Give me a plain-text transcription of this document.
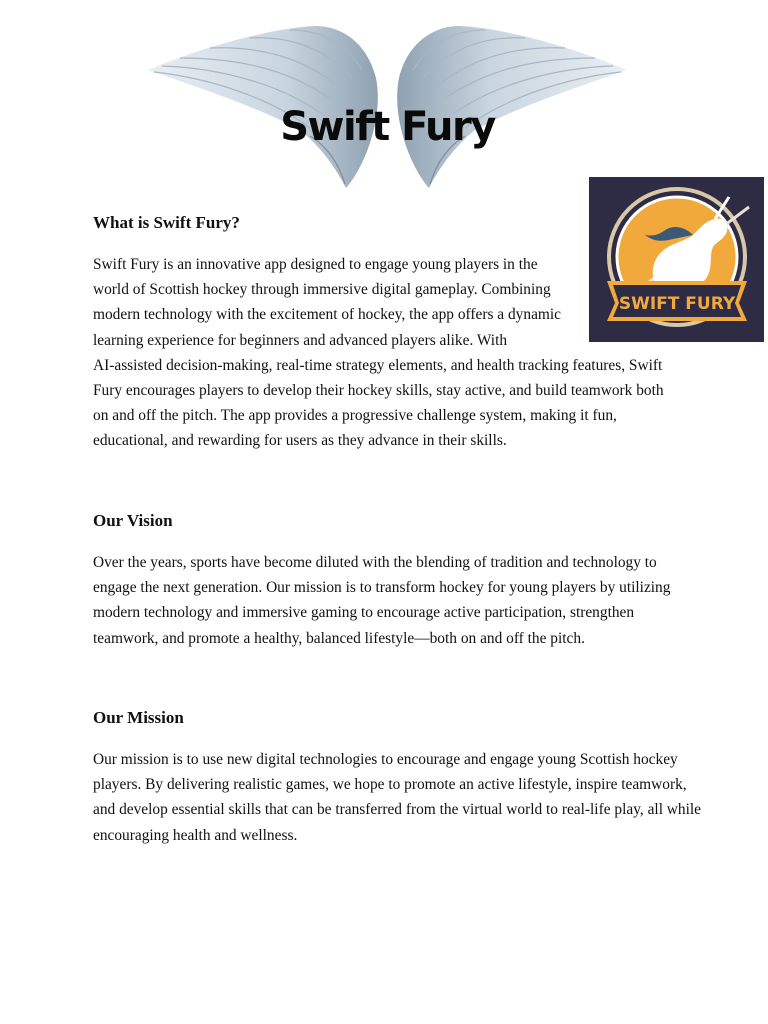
Swift Fury
SWIFT FURY
What is Swift Fury?
Swift Fury is an innovative app designed to engage young players in the
world of Scottish hockey through immersive digital gameplay. Combining
modern technology with the excitement of hockey, the app offers a dynamic
learning experience for beginners and advanced players alike. With
AI-assisted decision-making, real-time strategy elements, and health tracking features, Swift
Fury encourages players to develop their hockey skills, stay active, and build teamwork both
on and off the pitch. The app provides a progressive challenge system, making it fun,
educational, and rewarding for users as they advance in their skills.
Our Vision
Over the years, sports have become diluted with the blending of tradition and technology to
engage the next generation. Our mission is to transform hockey for young players by utilizing
modern technology and immersive gaming to encourage active participation, strengthen
teamwork, and promote a healthy, balanced lifestyle—both on and off the pitch.
Our Mission
Our mission is to use new digital technologies to encourage and engage young Scottish hockey
players. By delivering realistic games, we hope to promote an active lifestyle, inspire teamwork,
and develop essential skills that can be transferred from the virtual world to real-life play, all while
encouraging health and wellness.
